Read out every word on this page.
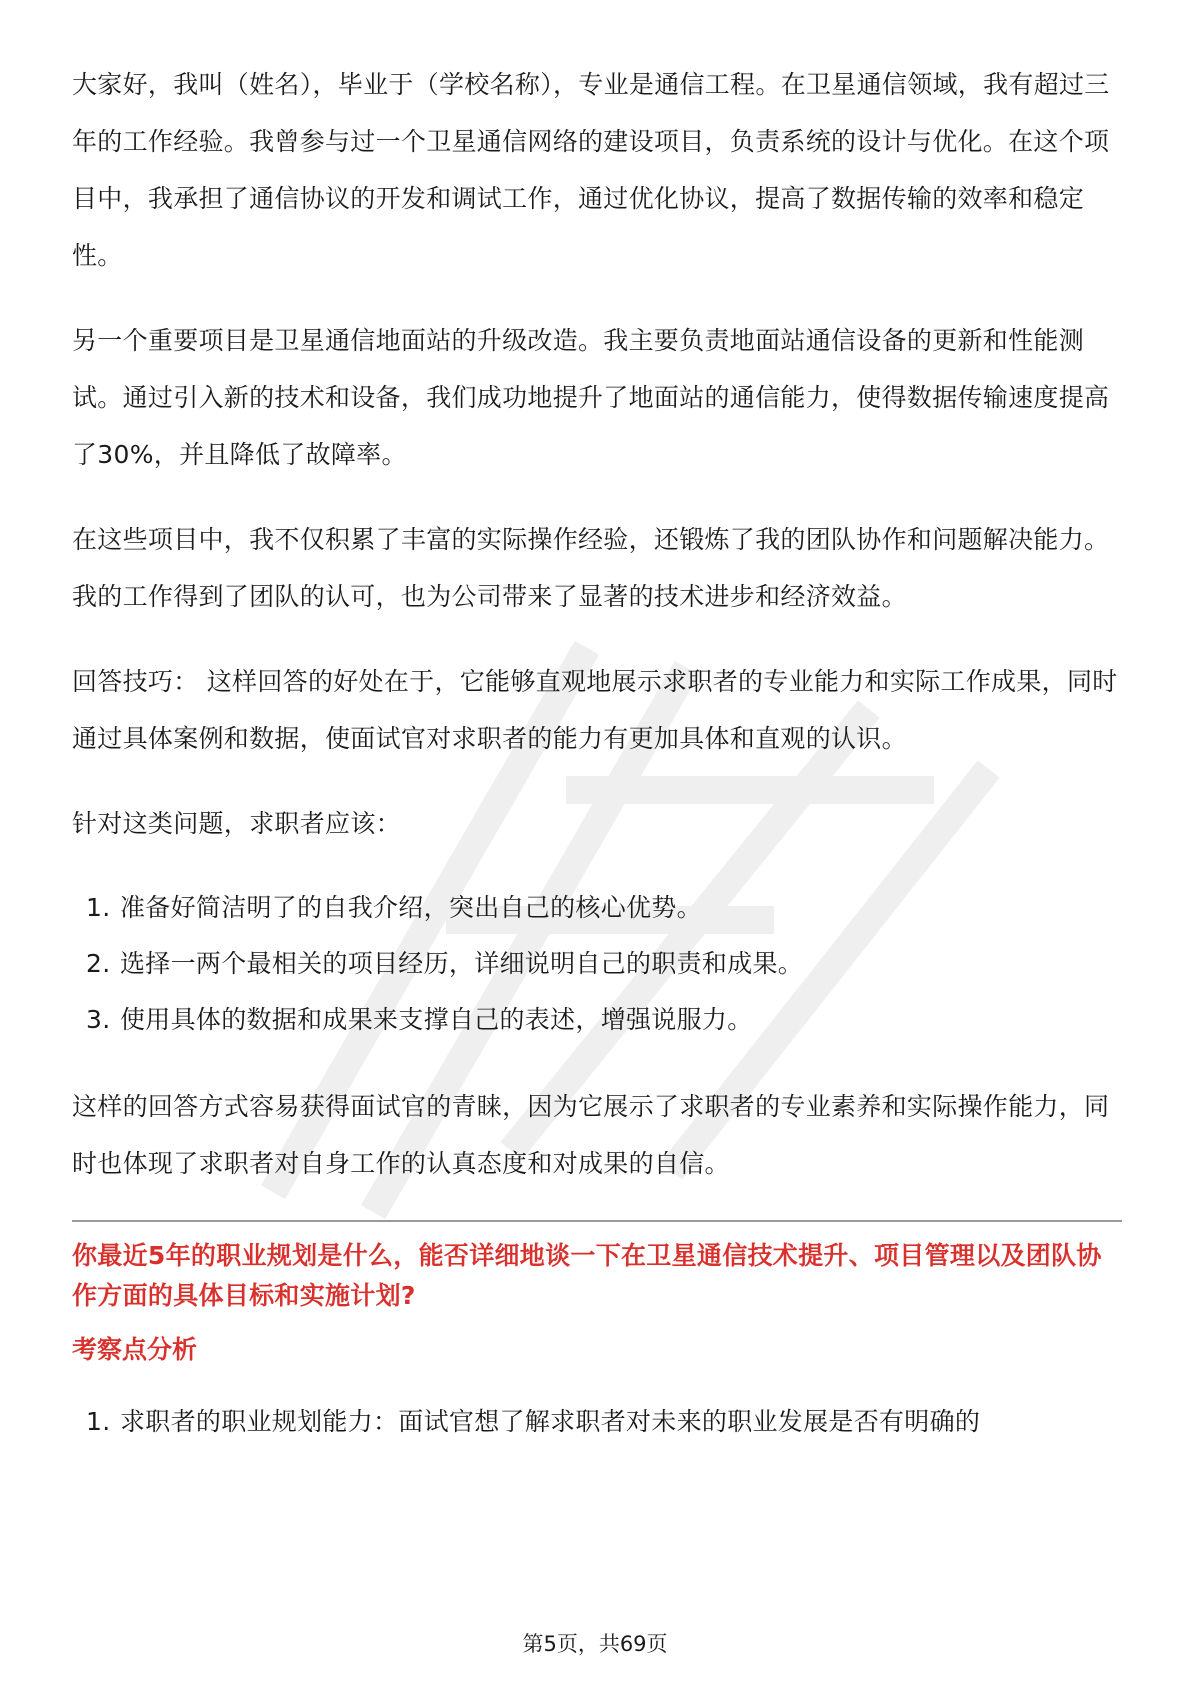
大家好，我叫（姓名），毕业于（学校名称），专业是通信工程。在卫星通信领域，我有超过三年的工作经验。我曾参与过一个卫星通信网络的建设项目，负责系统的设计与优化。在这个项目中，我承担了通信协议的开发和调试工作，通过优化协议，提高了数据传输的效率和稳定性。

另一个重要项目是卫星通信地面站的升级改造。我主要负责地面站通信设备的更新和性能测试。通过引入新的技术和设备，我们成功地提升了地面站的通信能力，使得数据传输速度提高了30%，并且降低了故障率。

在这些项目中，我不仅积累了丰富的实际操作经验，还锻炼了我的团队协作和问题解决能力。我的工作得到了团队的认可，也为公司带来了显著的技术进步和经济效益。

回答技巧： 这样回答的好处在于，它能够直观地展示求职者的专业能力和实际工作成果，同时通过具体案例和数据，使面试官对求职者的能力有更加具体和直观的认识。

针对这类问题，求职者应该：

1. 准备好简洁明了的自我介绍，突出自己的核心优势。
2. 选择一两个最相关的项目经历，详细说明自己的职责和成果。
3. 使用具体的数据和成果来支撑自己的表述，增强说服力。

这样的回答方式容易获得面试官的青睐，因为它展示了求职者的专业素养和实际操作能力，同时也体现了求职者对自身工作的认真态度和对成果的自信。

你最近5年的职业规划是什么，能否详细地谈一下在卫星通信技术提升、项目管理以及团队协作方面的具体目标和实施计划?

考察点分析

1. 求职者的职业规划能力：面试官想了解求职者对未来的职业发展是否有明确的
第5页，共69页
